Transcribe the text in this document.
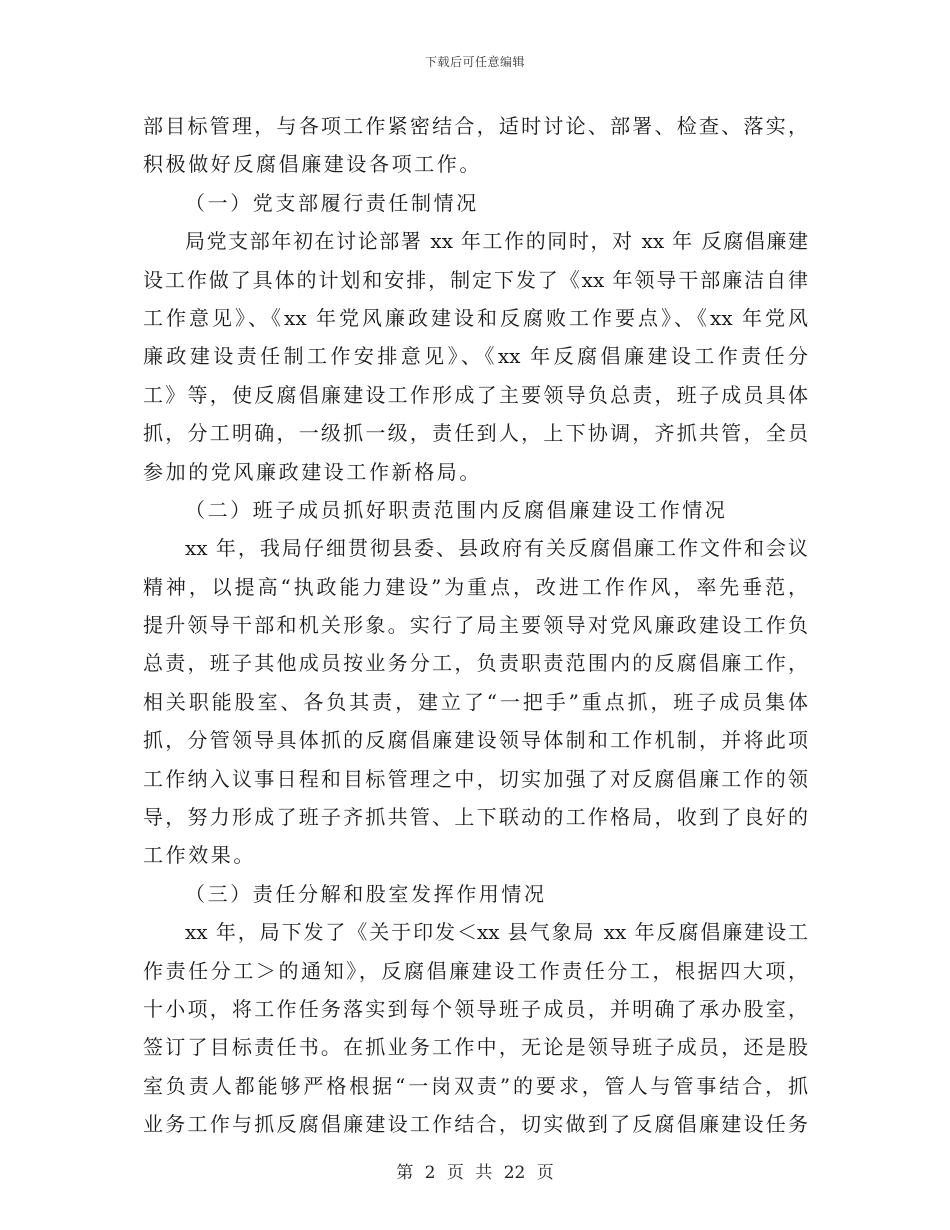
下载后可任意编辑
部目标管理，与各项工作紧密结合，适时讨论、部署、检查、落实，
积极做好反腐倡廉建设各项工作。
（一）党支部履行责任制情况
局党支部年初在讨论部署 xx 年工作的同时，对 xx 年 反腐倡廉建
设工作做了具体的计划和安排，制定下发了《xx 年领导干部廉洁自律
工作意见》、《xx 年党风廉政建设和反腐败工作要点》、《xx 年党风
廉政建设责任制工作安排意见》、《xx 年反腐倡廉建设工作责任分
工》等，使反腐倡廉建设工作形成了主要领导负总责，班子成员具体
抓，分工明确，一级抓一级，责任到人，上下协调，齐抓共管，全员
参加的党风廉政建设工作新格局。
（二）班子成员抓好职责范围内反腐倡廉建设工作情况
xx 年，我局仔细贯彻县委、县政府有关反腐倡廉工作文件和会议
精神，以提高“执政能力建设”为重点，改进工作作风，率先垂范，
提升领导干部和机关形象。实行了局主要领导对党风廉政建设工作负
总责，班子其他成员按业务分工，负责职责范围内的反腐倡廉工作，
相关职能股室、各负其责，建立了“一把手”重点抓，班子成员集体
抓，分管领导具体抓的反腐倡廉建设领导体制和工作机制，并将此项
工作纳入议事日程和目标管理之中，切实加强了对反腐倡廉工作的领
导，努力形成了班子齐抓共管、上下联动的工作格局，收到了良好的
工作效果。
（三）责任分解和股室发挥作用情况
xx 年，局下发了《关于印发＜xx 县气象局 xx 年反腐倡廉建设工
作责任分工＞的通知》，反腐倡廉建设工作责任分工，根据四大项，
十小项，将工作任务落实到每个领导班子成员，并明确了承办股室，
签订了目标责任书。在抓业务工作中，无论是领导班子成员，还是股
室负责人都能够严格根据“一岗双责”的要求，管人与管事结合，抓
业务工作与抓反腐倡廉建设工作结合，切实做到了反腐倡廉建设任务
第 2 页 共 22 页
